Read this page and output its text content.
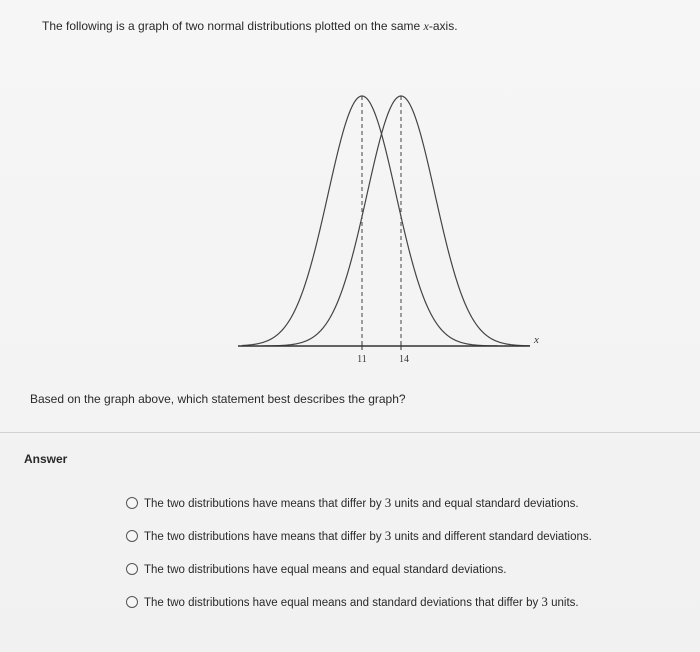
The following is a graph of two normal distributions plotted on the same x-axis.
x
11	14
Based on the graph above, which statement best describes the graph?
Answer
The two distributions have means that differ by 3 units and equal standard deviations.
The two distributions have means that differ by 3 units and different standard deviations.
The two distributions have equal means and equal standard deviations.
The two distributions have equal means and standard deviations that differ by 3 units.
